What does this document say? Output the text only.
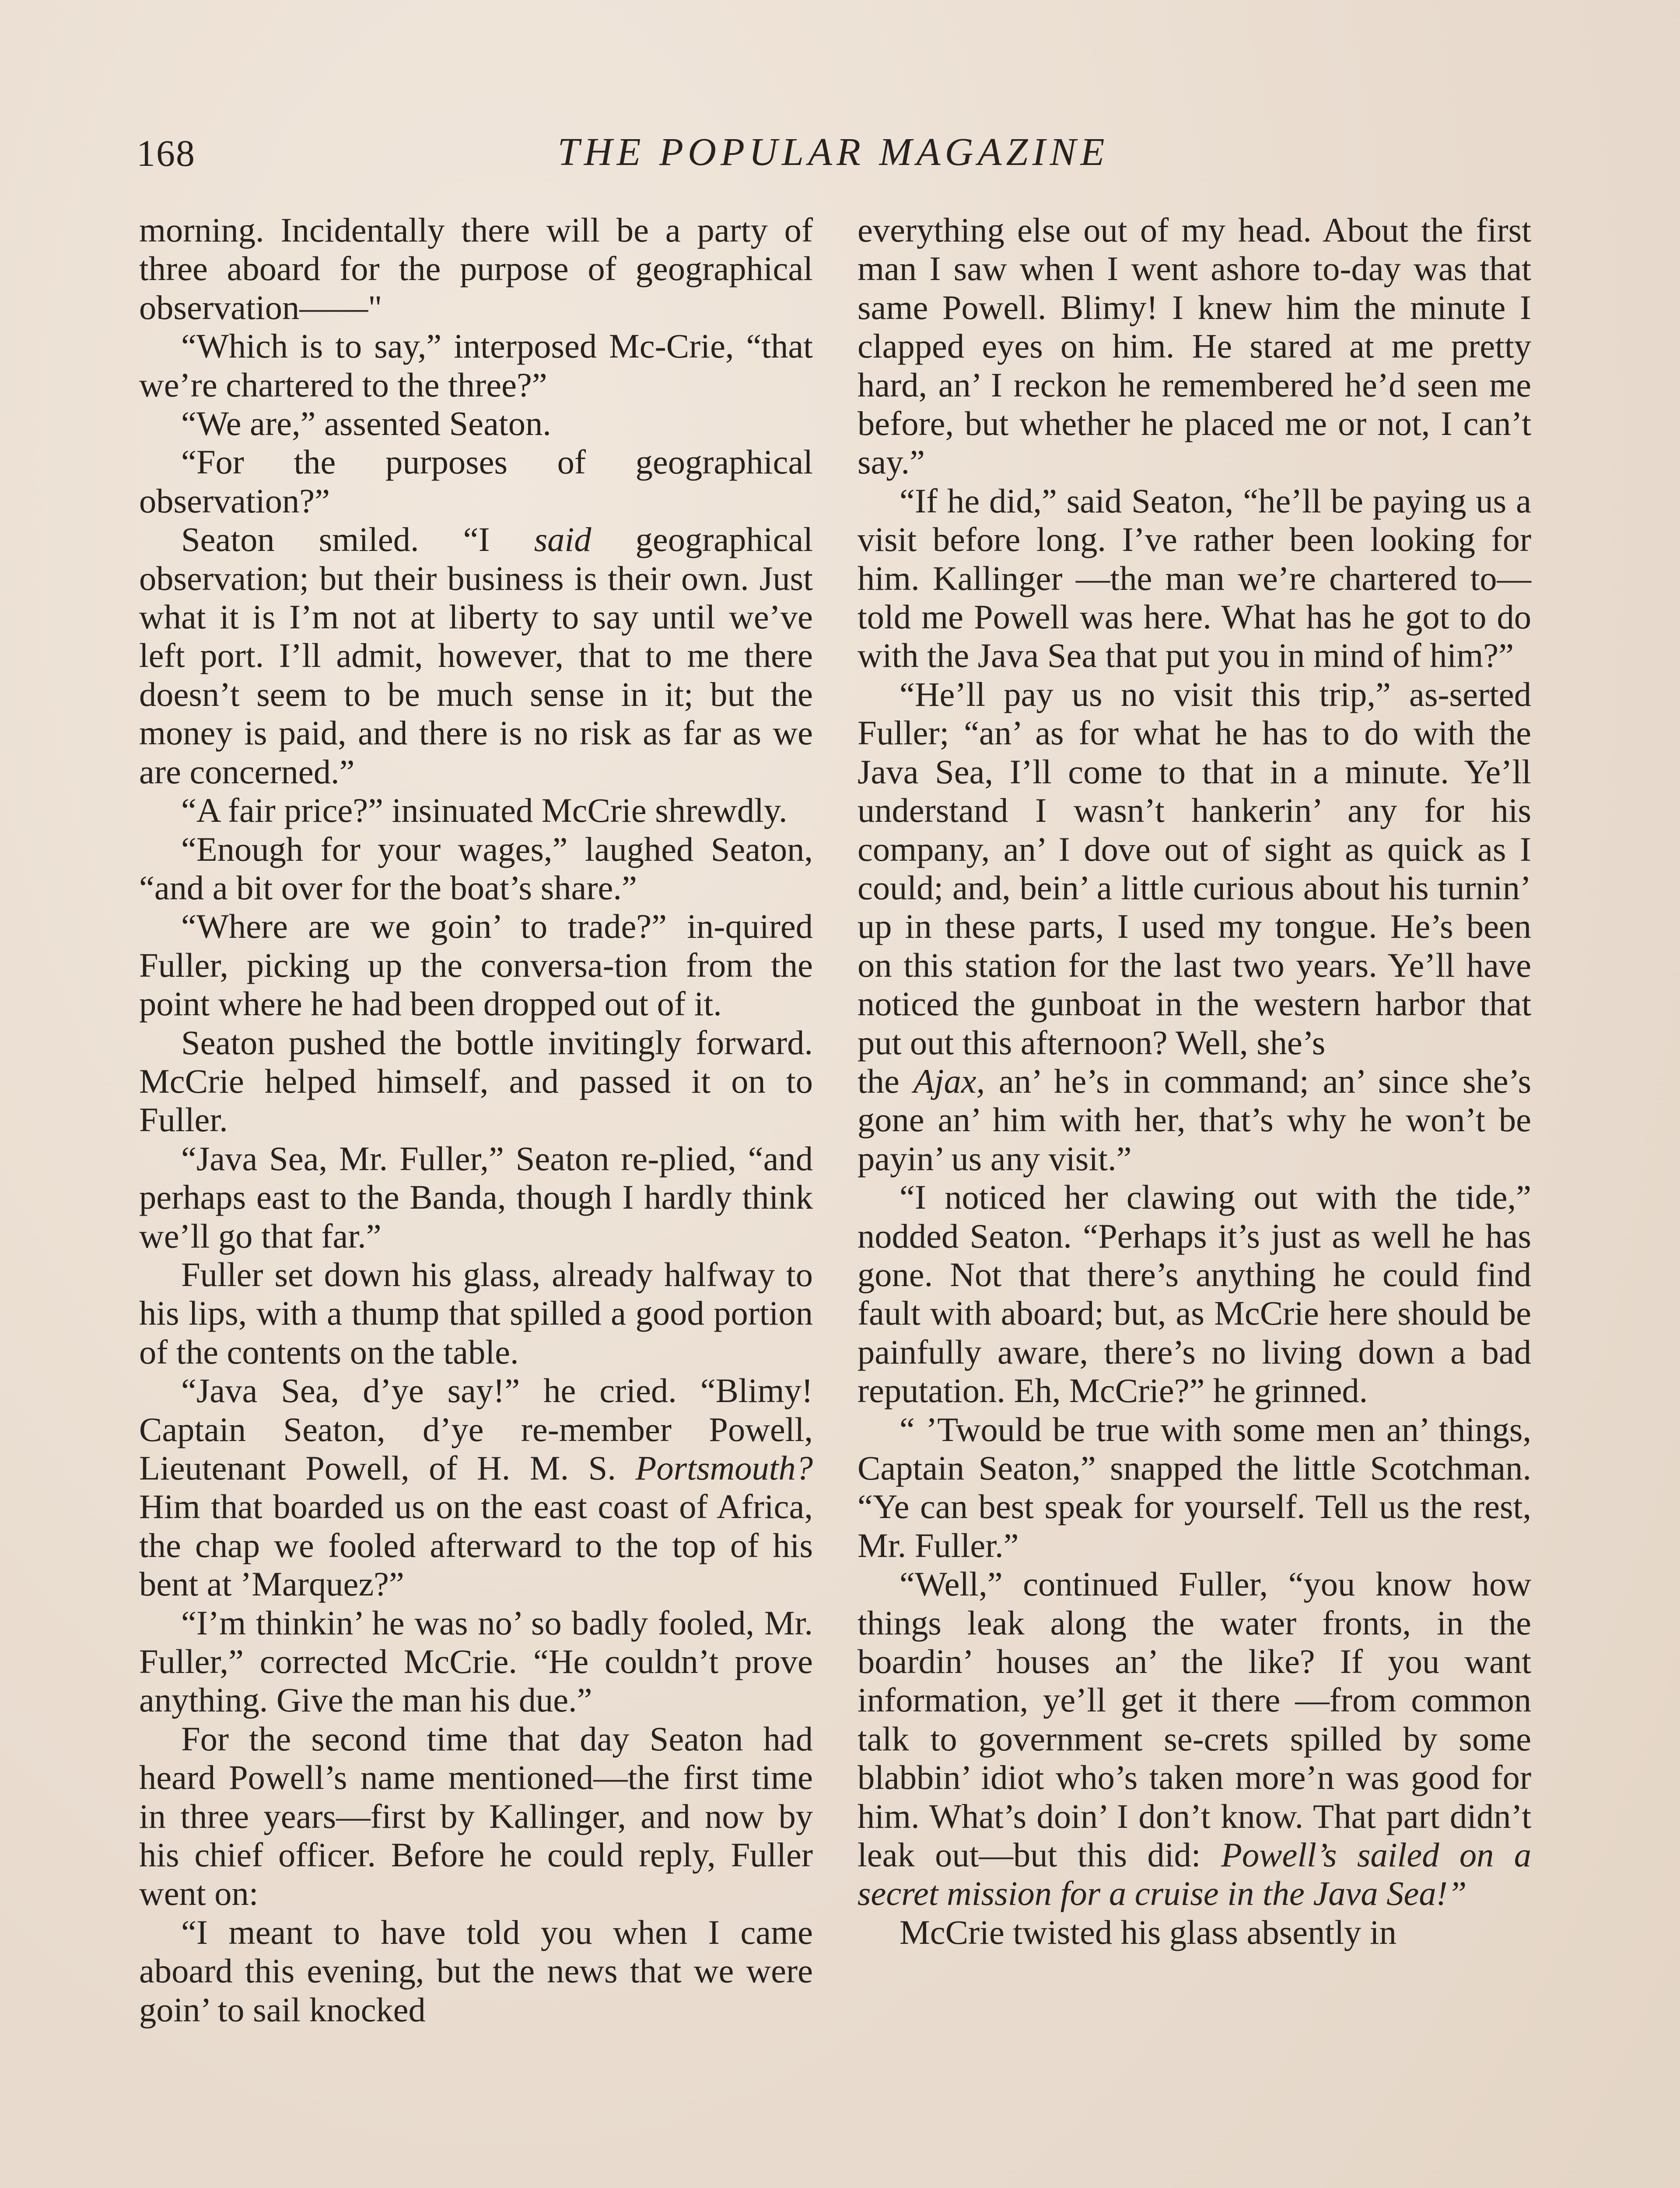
168	THE POPULAR MAGAZINE

morning. Incidentally there will be a party of three aboard for the purpose of geographical observation——"

“Which is to say,” interposed Mc-Crie, “that we’re chartered to the three?”

“We are,” assented Seaton.

“For the purposes of geographical observation?”

Seaton smiled. “I said geographical observation; but their business is their own. Just what it is I’m not at liberty to say until we’ve left port. I’ll admit, however, that to me there doesn’t seem to be much sense in it; but the money is paid, and there is no risk as far as we are concerned.”

“A fair price?” insinuated McCrie shrewdly.

“Enough for your wages,” laughed Seaton, “and a bit over for the boat’s share.”

“Where are we goin’ to trade?” in-quired Fuller, picking up the conversa-tion from the point where he had been dropped out of it.

Seaton pushed the bottle invitingly forward. McCrie helped himself, and passed it on to Fuller.

“Java Sea, Mr. Fuller,” Seaton re-plied, “and perhaps east to the Banda, though I hardly think we’ll go that far.”

Fuller set down his glass, already halfway to his lips, with a thump that spilled a good portion of the contents on the table.

“Java Sea, d’ye say!” he cried. “Blimy! Captain Seaton, d’ye re-member Powell, Lieutenant Powell, of H. M. S. Portsmouth? Him that boarded us on the east coast of Africa, the chap we fooled afterward to the top of his bent at ’Marquez?”

“I’m thinkin’ he was no’ so badly fooled, Mr. Fuller,” corrected McCrie. “He couldn’t prove anything. Give the man his due.”

For the second time that day Seaton had heard Powell’s name mentioned—the first time in three years—first by Kallinger, and now by his chief officer. Before he could reply, Fuller went on:

“I meant to have told you when I came aboard this evening, but the news that we were goin’ to sail knocked

everything else out of my head. About the first man I saw when I went ashore to-day was that same Powell. Blimy! I knew him the minute I clapped eyes on him. He stared at me pretty hard, an’ I reckon he remembered he’d seen me before, but whether he placed me or not, I can’t say.”

“If he did,” said Seaton, “he’ll be paying us a visit before long. I’ve rather been looking for him. Kallinger —the man we’re chartered to—told me Powell was here. What has he got to do with the Java Sea that put you in mind of him?”

“He’ll pay us no visit this trip,” as-serted Fuller; “an’ as for what he has to do with the Java Sea, I’ll come to that in a minute. Ye’ll understand I wasn’t hankerin’ any for his company, an’ I dove out of sight as quick as I could; and, bein’ a little curious about his turnin’ up in these parts, I used my tongue. He’s been on this station for the last two years. Ye’ll have noticed the gunboat in the western harbor that put out this afternoon? Well, she’s

the Ajax, an’ he’s in command; an’ since she’s gone an’ him with her, that’s why he won’t be payin’ us any visit.”

“I noticed her clawing out with the tide,” nodded Seaton. “Perhaps it’s just as well he has gone. Not that there’s anything he could find fault with aboard; but, as McCrie here should be painfully aware, there’s no living down a bad reputation. Eh, McCrie?” he grinned.

“ ’Twould be true with some men an’ things, Captain Seaton,” snapped the little Scotchman. “Ye can best speak for yourself. Tell us the rest, Mr. Fuller.”

“Well,” continued Fuller, “you know how things leak along the water fronts, in the boardin’ houses an’ the like? If you want information, ye’ll get it there —from common talk to government se-crets spilled by some blabbin’ idiot who’s taken more’n was good for him. What’s doin’ I don’t know. That part didn’t leak out—but this did: Powell’s sailed on a secret mission for a cruise in the Java Sea!”

McCrie twisted his glass absently in
